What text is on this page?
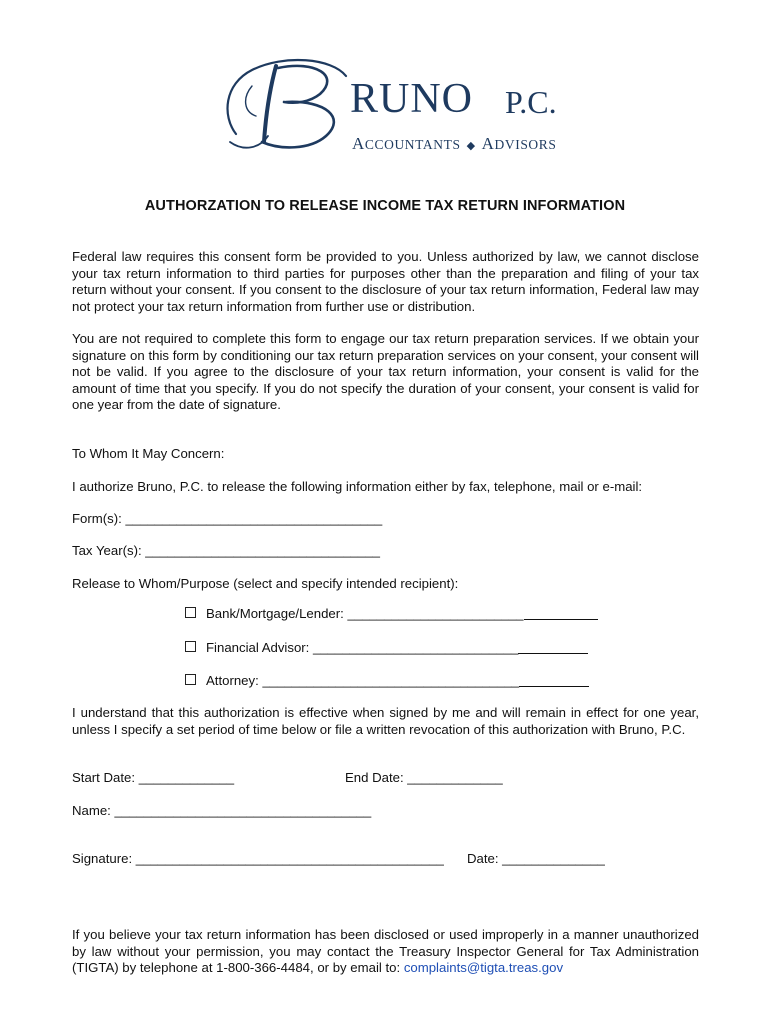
RUNO P.C.
ACCOUNTANTS ◆ ADVISORS
AUTHORZATION TO RELEASE INCOME TAX RETURN INFORMATION

Federal law requires this consent form be provided to you. Unless authorized by law, we cannot disclose your tax return information to third parties for purposes other than the preparation and filing of your tax return without your consent. If you consent to the disclosure of your tax return information, Federal law may not protect your tax return information from further use or distribution.

You are not required to complete this form to engage our tax return preparation services. If we obtain your signature on this form by conditioning our tax return preparation services on your consent, your consent will not be valid. If you agree to the disclosure of your tax return information, your consent is valid for the amount of time that you specify. If you do not specify the duration of your consent, your consent is valid for one year from the date of signature.

To Whom It May Concern:
I authorize Bruno, P.C. to release the following information either by fax, telephone, mail or e-mail:
Form(s): ___________________________________
Tax Year(s): ________________________________
Release to Whom/Purpose (select and specify intended recipient):
Bank/Mortgage/Lender: ________________________
Financial Advisor: ____________________________
Attorney: ___________________________________

I understand that this authorization is effective when signed by me and will remain in effect for one year, unless I specify a set period of time below or file a written revocation of this authorization with Bruno, P.C.

Start Date: _____________	End Date: _____________
Name: ___________________________________
Signature: __________________________________________ Date: ______________

If you believe your tax return information has been disclosed or used improperly in a manner unauthorized by law without your permission, you may contact the Treasury Inspector General for Tax Administration (TIGTA) by telephone at 1-800-366-4484, or by email to: complaints@tigta.treas.gov
